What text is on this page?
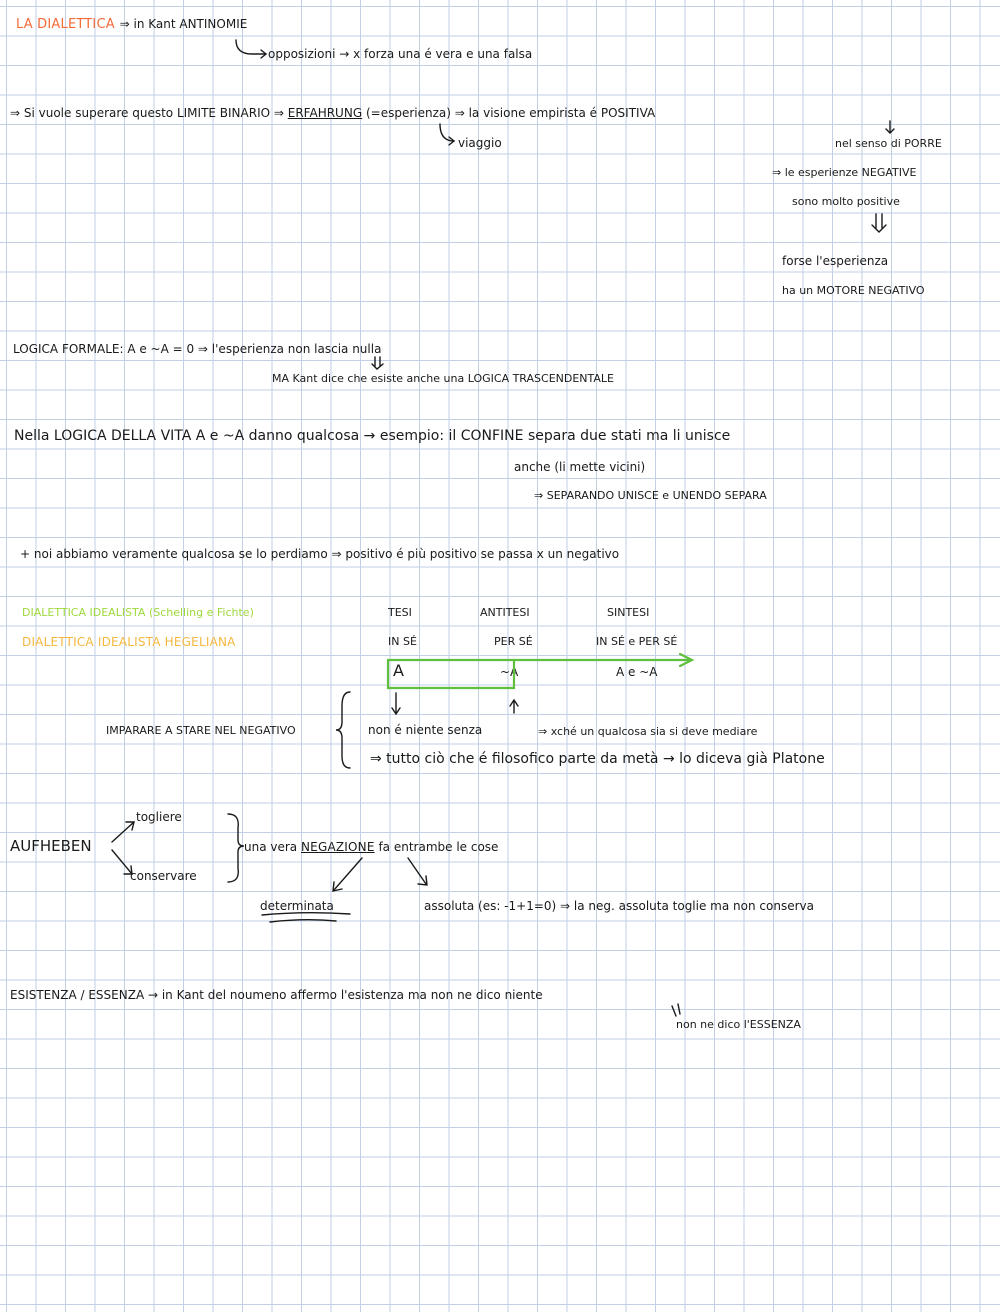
LA DIALETTICA ⇒ in Kant ANTINOMIE
opposizioni → x forza una é vera e una falsa
⇒ Si vuole superare questo LIMITE BINARIO ⇒ ERFAHRUNG (=esperienza) ⇒ la visione empirista é POSITIVA
viaggio	nel senso di PORRE
⇒ le esperienze NEGATIVE
sono molto positive
forse l'esperienza
ha un MOTORE NEGATIVO
LOGICA FORMALE: A e ~A = 0 ⇒ l'esperienza non lascia nulla
MA Kant dice che esiste anche una LOGICA TRASCENDENTALE
Nella LOGICA DELLA VITA A e ~A danno qualcosa → esempio: il CONFINE separa due stati ma li unisce
anche (li mette vicini)
⇒ SEPARANDO UNISCE e UNENDO SEPARA
+ noi abbiamo veramente qualcosa se lo perdiamo ⇒ positivo é più positivo se passa x un negativo
DIALETTICA IDEALISTA (Schelling e Fichte)
DIALETTICA IDEALISTA HEGELIANA
TESI	ANTITESI	SINTESI
IN SÉ	PER SÉ	IN SÉ e PER SÉ
A	~A	A e ~A
IMPARARE A STARE NEL NEGATIVO	non é niente senza	⇒ xché un qualcosa sia si deve mediare
⇒ tutto ciò che é filosofico parte da metà → lo diceva già Platone
AUFHEBEN
togliere
conservare
una vera NEGAZIONE fa entrambe le cose
determinata	assoluta (es: -1+1=0) ⇒ la neg. assoluta toglie ma non conserva
ESISTENZA / ESSENZA → in Kant del noumeno affermo l'esistenza ma non ne dico niente
non ne dico l'ESSENZA
